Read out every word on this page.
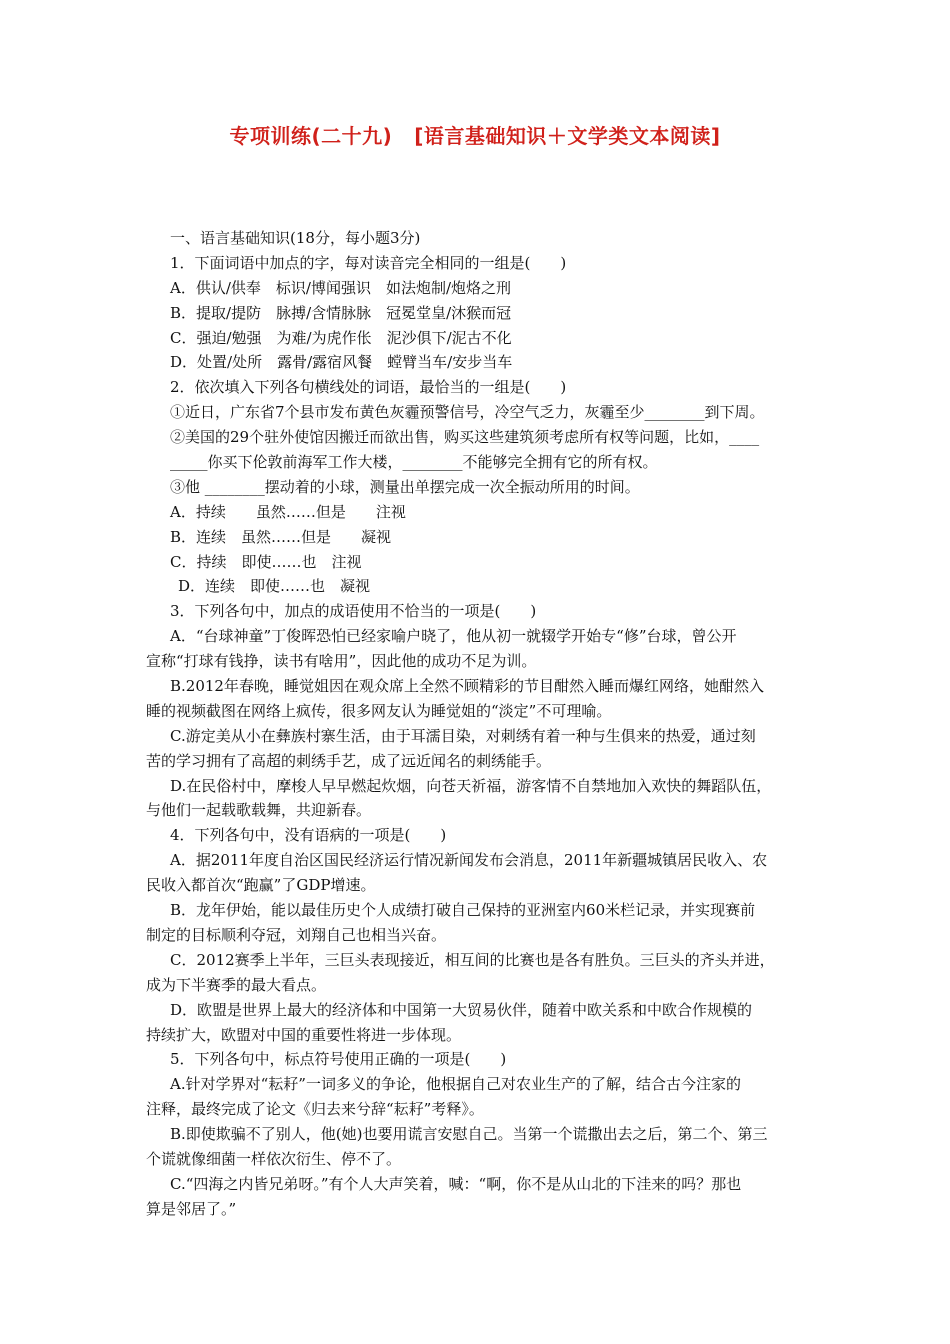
专项训练(二十九) [语言基础知识＋文学类文本阅读]
一、语言基础知识(18分，每小题3分)
1．下面词语中加点的字，每对读音完全相同的一组是(　　)
A．供认/供奉　标识/博闻强识　如法炮制/炮烙之刑
B．提取/提防　脉搏/含情脉脉　冠冕堂皇/沐猴而冠
C．强迫/勉强　为难/为虎作伥　泥沙俱下/泥古不化
D．处置/处所　露骨/露宿风餐　螳臂当车/安步当车
2．依次填入下列各句横线处的词语，最恰当的一组是(　　)
①近日，广东省7个县市发布黄色灰霾预警信号，冷空气乏力，灰霾至少________到下周。
②美国的29个驻外使馆因搬迁而欲出售，购买这些建筑须考虑所有权等问题，比如，____
_____你买下伦敦前海军工作大楼，________不能够完全拥有它的所有权。
③他 ________摆动着的小球，测量出单摆完成一次全振动所用的时间。
A．持续　　虽然……但是　　注视
B．连续　虽然……但是　　凝视
C．持续　即使……也　注视
D．连续　即使……也　凝视
3．下列各句中，加点的成语使用不恰当的一项是(　　)
A．“台球神童”丁俊晖恐怕已经家喻户晓了，他从初一就辍学开始专“修”台球，曾公开
宣称“打球有钱挣，读书有啥用”，因此他的成功不足为训。
B.2012年春晚，睡觉姐因在观众席上全然不顾精彩的节目酣然入睡而爆红网络，她酣然入
睡的视频截图在网络上疯传，很多网友认为睡觉姐的“淡定”不可理喻。
C.游定美从小在彝族村寨生活，由于耳濡目染，对刺绣有着一种与生俱来的热爱，通过刻
苦的学习拥有了高超的刺绣手艺，成了远近闻名的刺绣能手。
D.在民俗村中，摩梭人早早燃起炊烟，向苍天祈福，游客情不自禁地加入欢快的舞蹈队伍，
与他们一起载歌载舞，共迎新春。
4．下列各句中，没有语病的一项是(　　)
A．据2011年度自治区国民经济运行情况新闻发布会消息，2011年新疆城镇居民收入、农
民收入都首次“跑赢”了GDP增速。
B．龙年伊始，能以最佳历史个人成绩打破自己保持的亚洲室内60米栏记录，并实现赛前
制定的目标顺利夺冠，刘翔自己也相当兴奋。
C．2012赛季上半年，三巨头表现接近，相互间的比赛也是各有胜负。三巨头的齐头并进，
成为下半赛季的最大看点。
D．欧盟是世界上最大的经济体和中国第一大贸易伙伴，随着中欧关系和中欧合作规模的
持续扩大，欧盟对中国的重要性将进一步体现。
5．下列各句中，标点符号使用正确的一项是(　　)
A.针对学界对“耘耔”一词多义的争论，他根据自己对农业生产的了解，结合古今注家的
注释，最终完成了论文《归去来兮辞“耘耔”考释》。
B.即使欺骗不了别人，他(她)也要用谎言安慰自己。当第一个谎撒出去之后，第二个、第三
个谎就像细菌一样依次衍生、停不了。
C.“四海之内皆兄弟呀。”有个人大声笑着，喊：“啊，你不是从山北的下洼来的吗？那也
算是邻居了。”
